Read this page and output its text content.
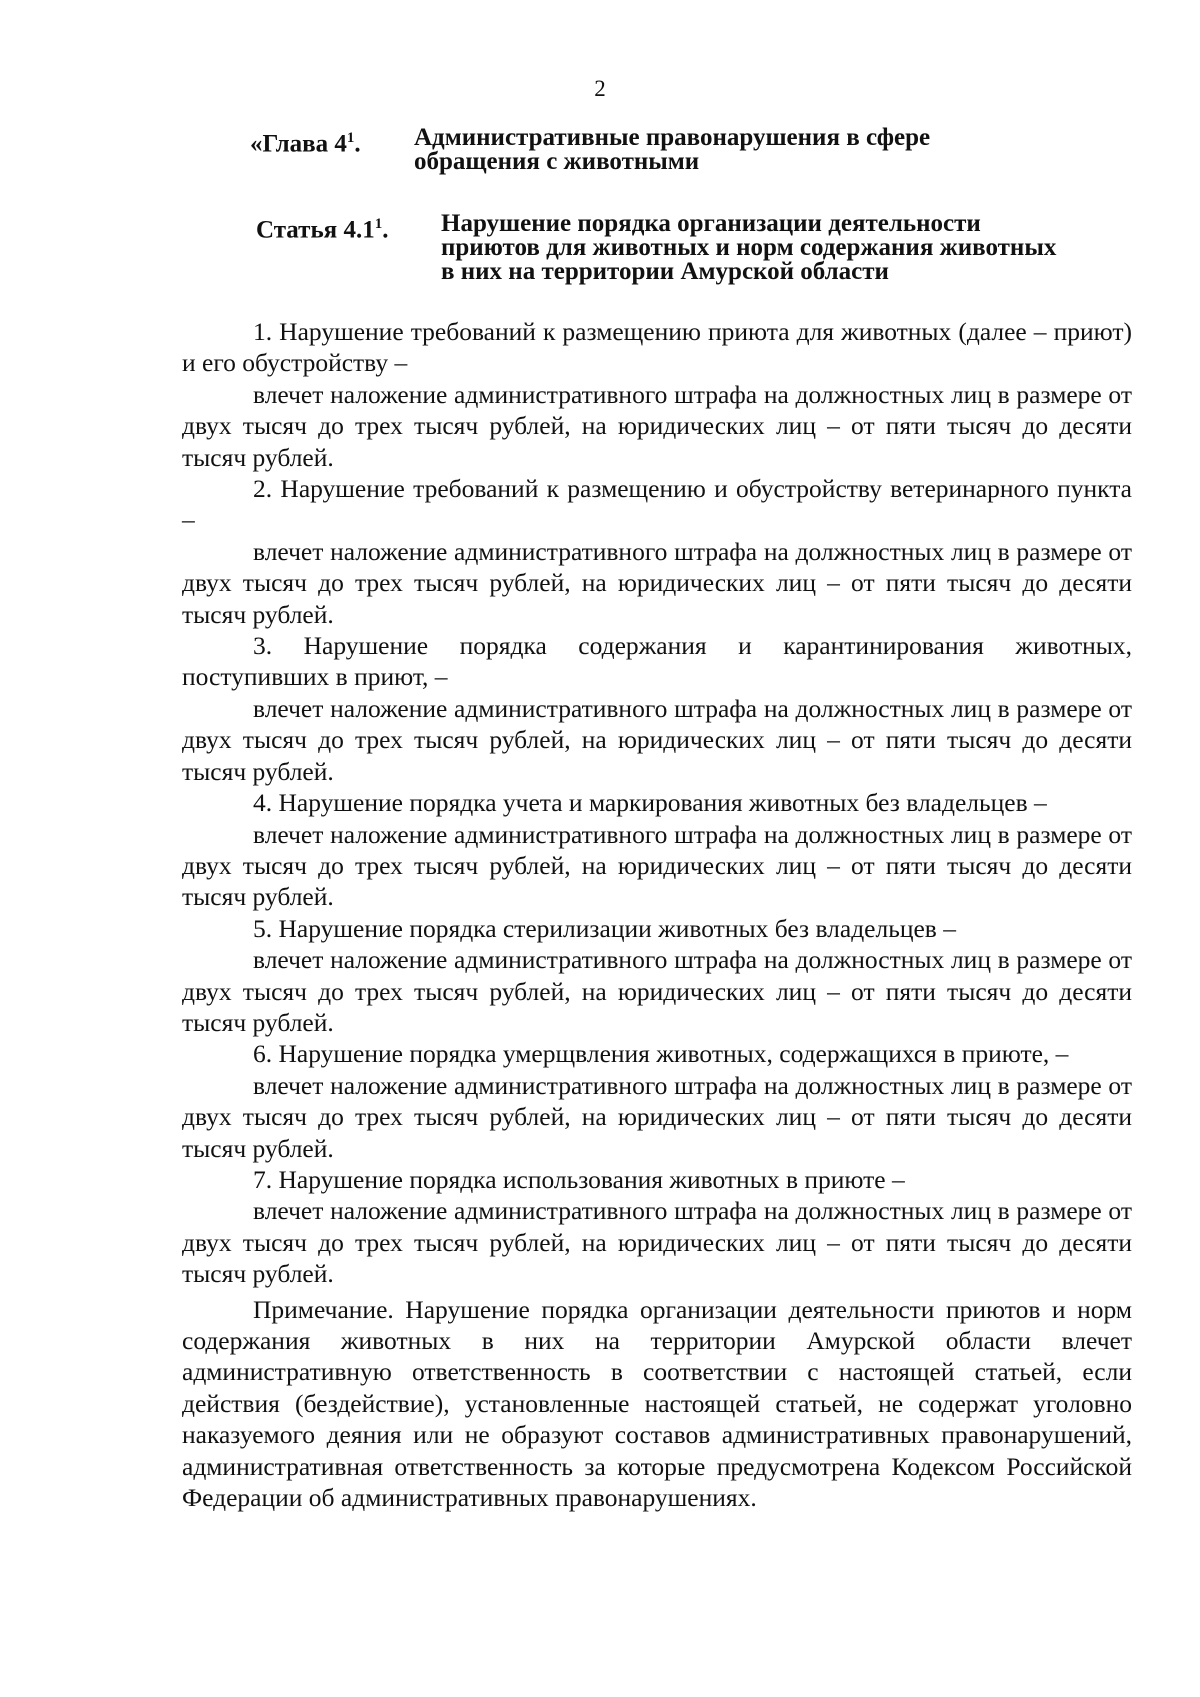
2
«Глава $4^1$. Административные правонарушения в сфере
обращения с животными
Статья $4.1^1$. Нарушение порядка организации деятельности
приютов для животных и норм содержания животных
в них на территории Амурской области

1. Нарушение требований к размещению приюта для животных (далее – приют) и его обустройству –

влечет наложение административного штрафа на должностных лиц в размере от двух тысяч до трех тысяч рублей, на юридических лиц – от пяти тысяч до десяти тысяч рублей.

2. Нарушение требований к размещению и обустройству ветеринарного пункта –

влечет наложение административного штрафа на должностных лиц в размере от двух тысяч до трех тысяч рублей, на юридических лиц – от пяти тысяч до десяти тысяч рублей.

3. Нарушение порядка содержания и карантинирования животных, поступивших в приют, –

влечет наложение административного штрафа на должностных лиц в размере от двух тысяч до трех тысяч рублей, на юридических лиц – от пяти тысяч до десяти тысяч рублей.

4. Нарушение порядка учета и маркирования животных без владельцев –

влечет наложение административного штрафа на должностных лиц в размере от двух тысяч до трех тысяч рублей, на юридических лиц – от пяти тысяч до десяти тысяч рублей.

5. Нарушение порядка стерилизации животных без владельцев –

влечет наложение административного штрафа на должностных лиц в размере от двух тысяч до трех тысяч рублей, на юридических лиц – от пяти тысяч до десяти тысяч рублей.

6. Нарушение порядка умерщвления животных, содержащихся в приюте, –

влечет наложение административного штрафа на должностных лиц в размере от двух тысяч до трех тысяч рублей, на юридических лиц – от пяти тысяч до десяти тысяч рублей.

7. Нарушение порядка использования животных в приюте –

влечет наложение административного штрафа на должностных лиц в размере от двух тысяч до трех тысяч рублей, на юридических лиц – от пяти тысяч до десяти тысяч рублей.

Примечание. Нарушение порядка организации деятельности приютов и норм содержания животных в них на территории Амурской области влечет административную ответственность в соответствии с настоящей статьей, если действия (бездействие), установленные настоящей статьей, не содержат уголовно наказуемого деяния или не образуют составов административных правонарушений, административная ответственность за которые предусмотрена Кодексом Российской Федерации об административных правонарушениях.
